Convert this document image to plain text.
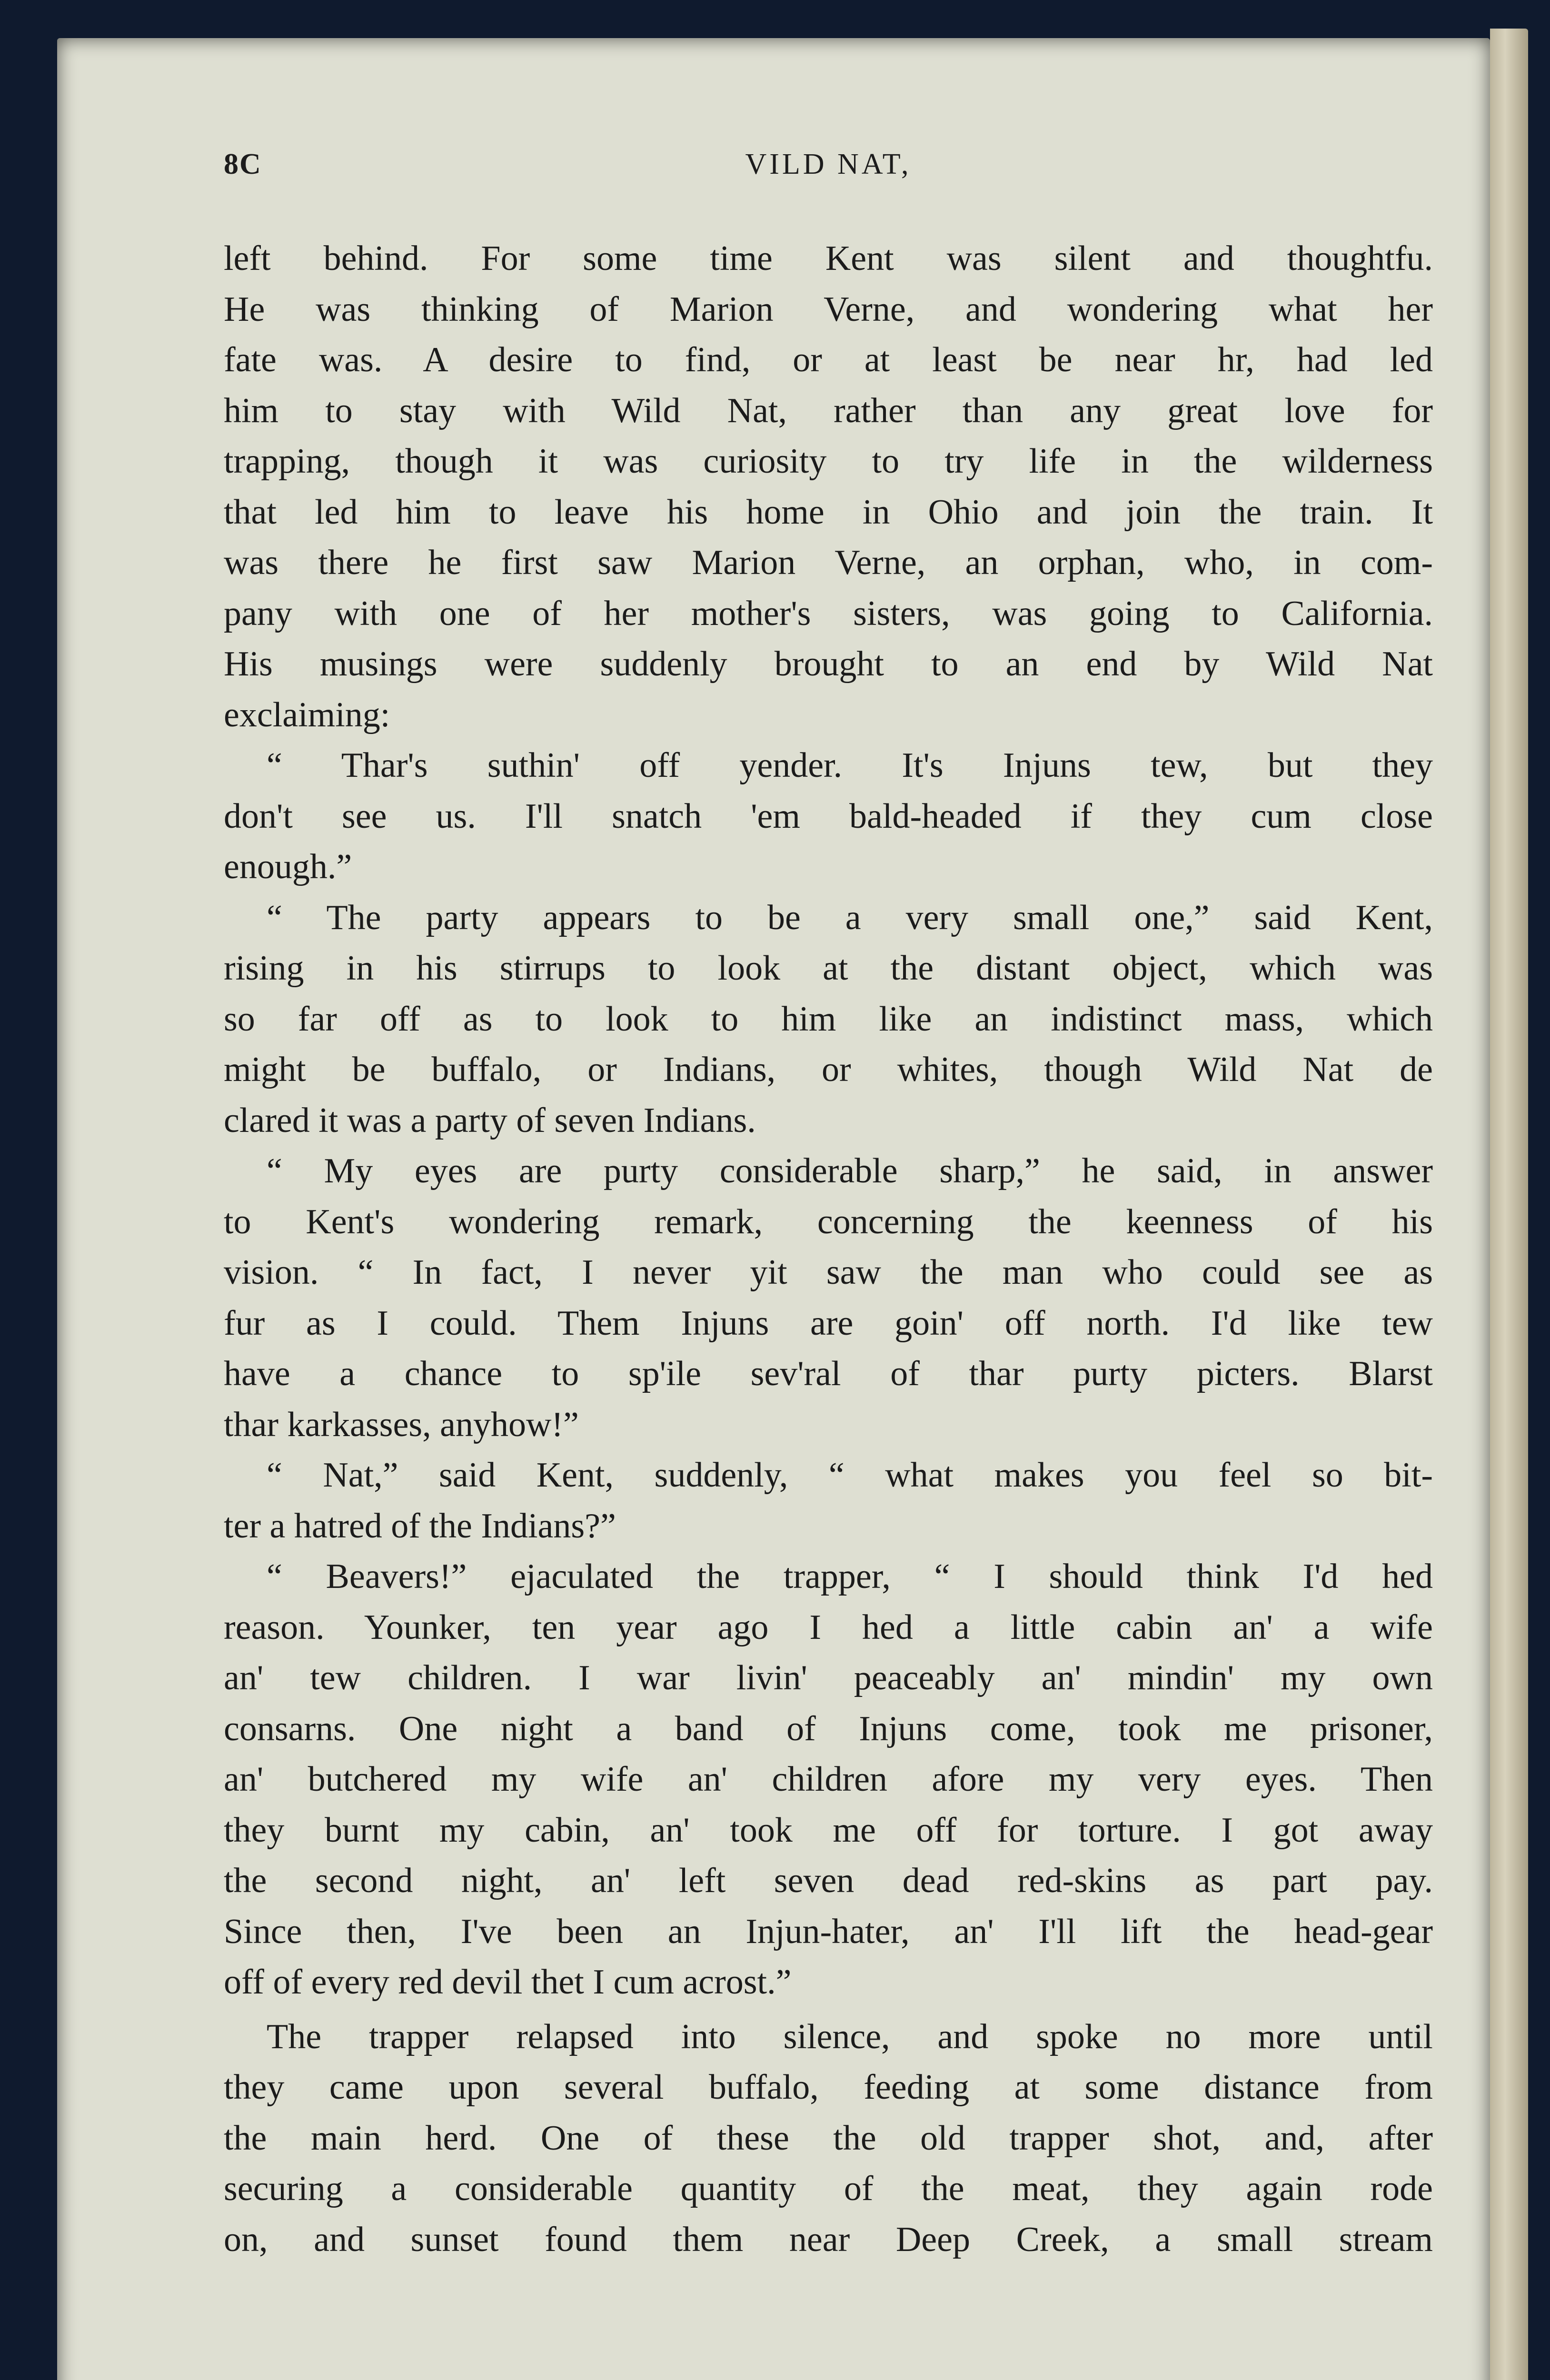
8C	VILD NAT,
left behind. For some time Kent was silent and thoughtfu.
He was thinking of Marion Verne, and wondering what her
fate was. A desire to find, or at least be near hr, had led
him to stay with Wild Nat, rather than any great love for
trapping, though it was curiosity to try life in the wilderness
that led him to leave his home in Ohio and join the train. It
was there he first saw Marion Verne, an orphan, who, in com-
pany with one of her mother's sisters, was going to California.
His musings were suddenly brought to an end by Wild Nat
exclaiming:
“ Thar's suthin' off yender. It's Injuns tew, but they
don't see us. I'll snatch 'em bald-headed if they cum close
enough.”
“ The party appears to be a very small one,” said Kent,
rising in his stirrups to look at the distant object, which was
so far off as to look to him like an indistinct mass, which
might be buffalo, or Indians, or whites, though Wild Nat de
clared it was a party of seven Indians.
“ My eyes are purty considerable sharp,” he said, in answer
to Kent's wondering remark, concerning the keenness of his
vision. “ In fact, I never yit saw the man who could see as
fur as I could. Them Injuns are goin' off north. I'd like tew
have a chance to sp'ile sev'ral of thar purty picters. Blarst
thar karkasses, anyhow!”
“ Nat,” said Kent, suddenly, “ what makes you feel so bit-
ter a hatred of the Indians?”
“ Beavers!” ejaculated the trapper, “ I should think I'd hed
reason. Younker, ten year ago I hed a little cabin an' a wife
an' tew children. I war livin' peaceably an' mindin' my own
consarns. One night a band of Injuns come, took me prisoner,
an' butchered my wife an' children afore my very eyes. Then
they burnt my cabin, an' took me off for torture. I got away
the second night, an' left seven dead red-skins as part pay.
Since then, I've been an Injun-hater, an' I'll lift the head-gear
off of every red devil thet I cum acrost.”
The trapper relapsed into silence, and spoke no more until
they came upon several buffalo, feeding at some distance from
the main herd. One of these the old trapper shot, and, after
securing a considerable quantity of the meat, they again rode
on, and sunset found them near Deep Creek, a small stream
